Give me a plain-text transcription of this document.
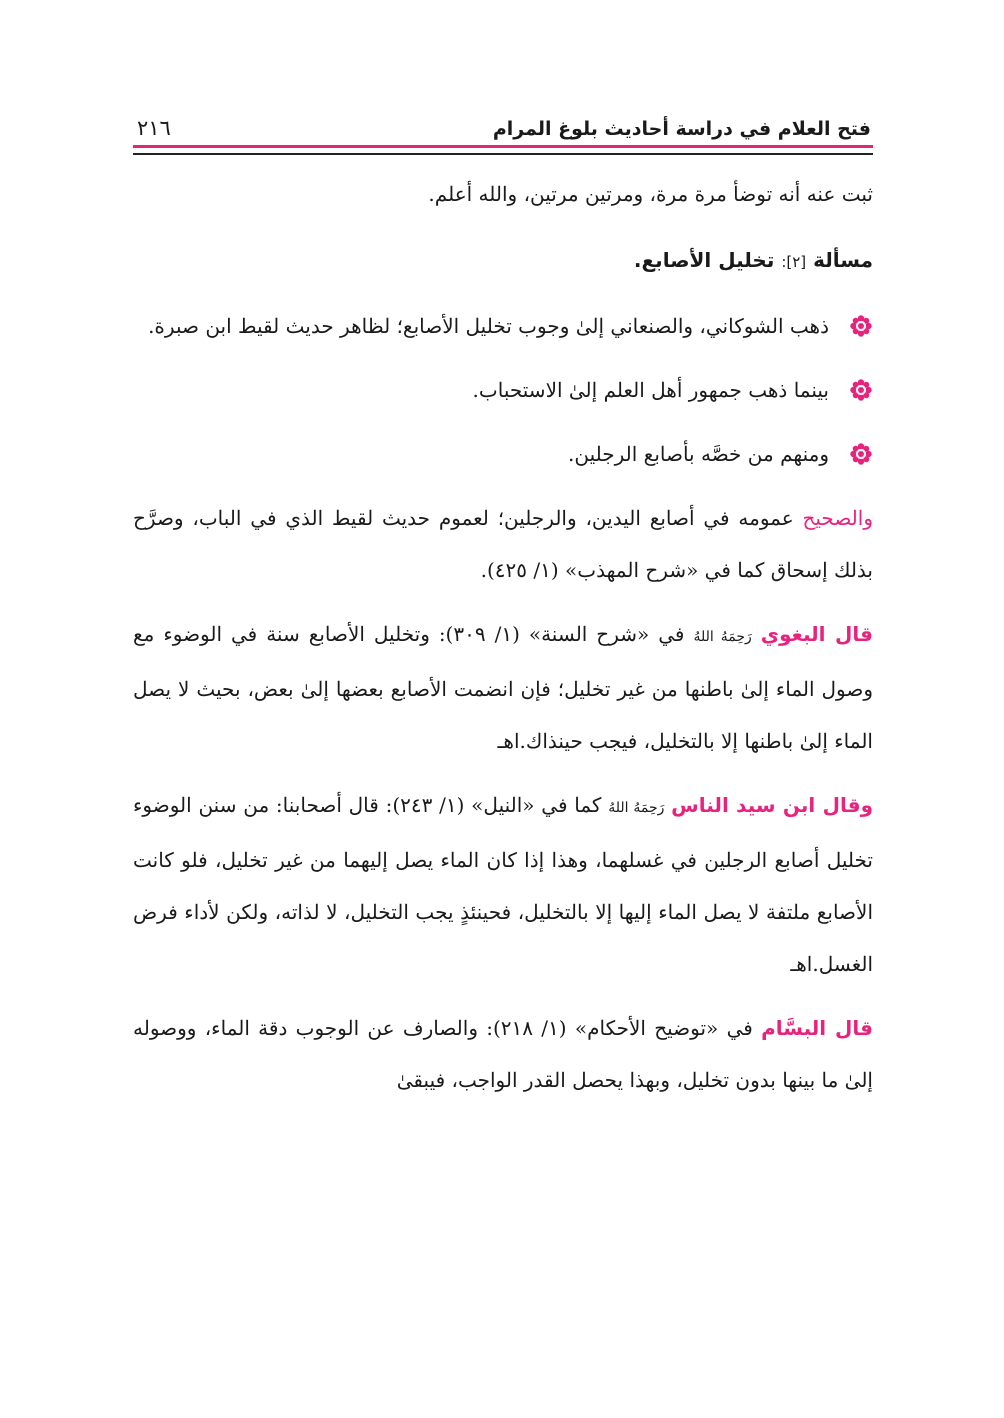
فتح العلام في دراسة أحاديث بلوغ المرام
٢١٦

ثبت عنه أنه توضأ مرة مرة، ومرتين مرتين، والله أعلم.

مسألة [٢]: تخليل الأصابع.

ذهب الشوكاني، والصنعاني إلىٰ وجوب تخليل الأصابع؛ لظاهر حديث لقيط ابن صبرة.

بينما ذهب جمهور أهل العلم إلىٰ الاستحباب.

ومنهم من خصَّه بأصابع الرجلين.

والصحيح عمومه في أصابع اليدين، والرجلين؛ لعموم حديث لقيط الذي في الباب، وصرَّح بذلك إسحاق كما في «شرح المهذب» (١/ ٤٢٥).

قال البغوي رَحِمَهُ اللهُ في «شرح السنة» (١/ ٣٠٩): وتخليل الأصابع سنة في الوضوء مع وصول الماء إلىٰ باطنها من غير تخليل؛ فإن انضمت الأصابع بعضها إلىٰ بعض، بحيث لا يصل الماء إلىٰ باطنها إلا بالتخليل، فيجب حينذاك.اهـ

وقال ابن سيد الناس رَحِمَهُ اللهُ كما في «النيل» (١/ ٢٤٣): قال أصحابنا: من سنن الوضوء تخليل أصابع الرجلين في غسلهما، وهذا إذا كان الماء يصل إليهما من غير تخليل، فلو كانت الأصابع ملتفة لا يصل الماء إليها إلا بالتخليل، فحينئذٍ يجب التخليل، لا لذاته، ولكن لأداء فرض الغسل.اهـ

قال البسَّام في «توضيح الأحكام» (١/ ٢١٨): والصارف عن الوجوب دقة الماء، ووصوله إلىٰ ما بينها بدون تخليل، وبهذا يحصل القدر الواجب، فيبقىٰ
